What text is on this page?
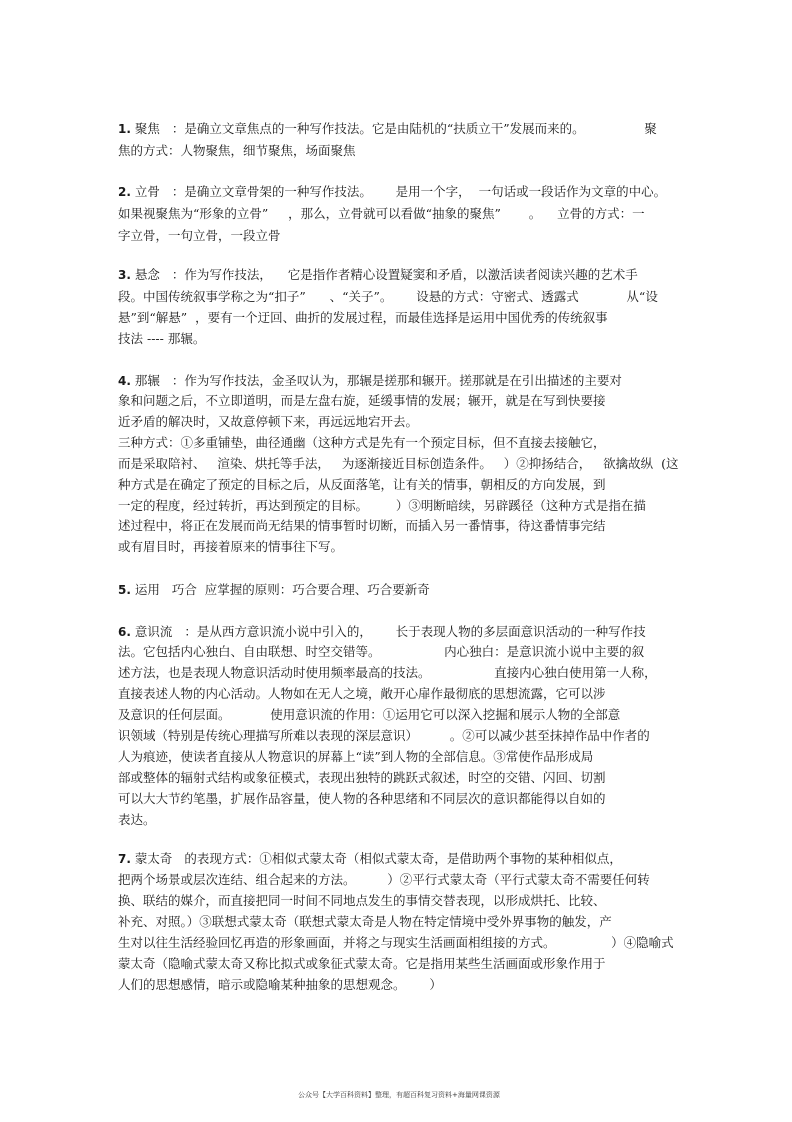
1. 聚焦   ：是确立文章焦点的一种写作技法。它是由陆机的“扶质立干”发展而来的。               聚
焦的方式：人物聚焦，细节聚焦，场面聚焦
2. 立骨   ：是确立文章骨架的一种写作技法。      是用一个字，  一句话或一段话作为文章的中心。
如果视聚焦为“形象的立骨”     ，那么，立骨就可以看做“抽象的聚焦”       。    立骨的方式：一
字立骨，一句立骨，一段立骨
3. 悬念   ：作为写作技法，    它是指作者精心设置疑窦和矛盾，以激活读者阅读兴趣的艺术手
段。中国传统叙事学称之为“扣子”      、“关子”。      设悬的方式：守密式、透露式            从“设
悬”到“解悬”  ，要有一个迂回、曲折的发展过程，而最佳选择是运用中国优秀的传统叙事
技法 ---- 那辗。
4. 那辗   ：作为写作技法，金圣叹认为，那辗是搓那和辗开。搓那就是在引出描述的主要对
象和问题之后，不立即道明，而是左盘右旋，延缓事情的发展；辗开，就是在写到快要接
近矛盾的解决时，又故意停顿下来，再远远地宕开去。
三种方式：①多重铺垫，曲径通幽（这种方式是先有一个预定目标，但不直接去接触它，
而是采取陪衬、   渲染、烘托等手法，   为逐渐接近目标创造条件。   ）②抑扬结合，   欲擒故纵  (这
种方式是在确定了预定的目标之后，从反面落笔，让有关的情事，朝相反的方向发展，到
一定的程度，经过转折，再达到预定的目标。       ）③明断暗续，另辟蹊径（这种方式是指在描
述过程中，将正在发展而尚无结果的情事暂时切断，而插入另一番情事，待这番情事完结
或有眉目时，再接着原来的情事往下写。
5. 运用   巧合  应掌握的原则：巧合要合理、巧合要新奇
6. 意识流   ：是从西方意识流小说中引入的，      长于表现人物的多层面意识活动的一种写作技
法。它包括内心独白、自由联想、时空交错等。                内心独白：是意识流小说中主要的叙
述方法，也是表现人物意识活动时使用频率最高的技法。                直接内心独白使用第一人称，
直接表述人物的内心活动。人物如在无人之境，敞开心扉作最彻底的思想流露，它可以涉
及意识的任何层面。          使用意识流的作用：①运用它可以深入挖掘和展示人物的全部意
识领域（特别是传统心理描写所难以表现的深层意识）        。②可以减少甚至抹掉作品中作者的
人为痕迹，使读者直接从人物意识的屏幕上“读”到人物的全部信息。③常使作品形成局
部或整体的辐射式结构或象征模式，表现出独特的跳跃式叙述，时空的交错、闪回、切割
可以大大节约笔墨，扩展作品容量，使人物的各种思绪和不同层次的意识都能得以自如的
表达。
7. 蒙太奇   的表现方式：①相似式蒙太奇（相似式蒙太奇，是借助两个事物的某种相似点，
把两个场景或层次连结、组合起来的方法。        ）②平行式蒙太奇（平行式蒙太奇不需要任何转
换、联结的媒介，而直接把同一时间不同地点发生的事情交替表现，以形成烘托、比较、
补充、对照。）③联想式蒙太奇（联想式蒙太奇是人物在特定情境中受外界事物的触发，产
生对以往生活经验回忆再造的形象画面，并将之与现实生活画面相组接的方式。              ）④隐喻式
蒙太奇（隐喻式蒙太奇又称比拟式或象征式蒙太奇。它是指用某些生活画面或形象作用于
人们的思想感情，暗示或隐喻某种抽象的思想观念。      ）
公众号【大学百科资料】整理，有超百科复习资料+海量网课资源
